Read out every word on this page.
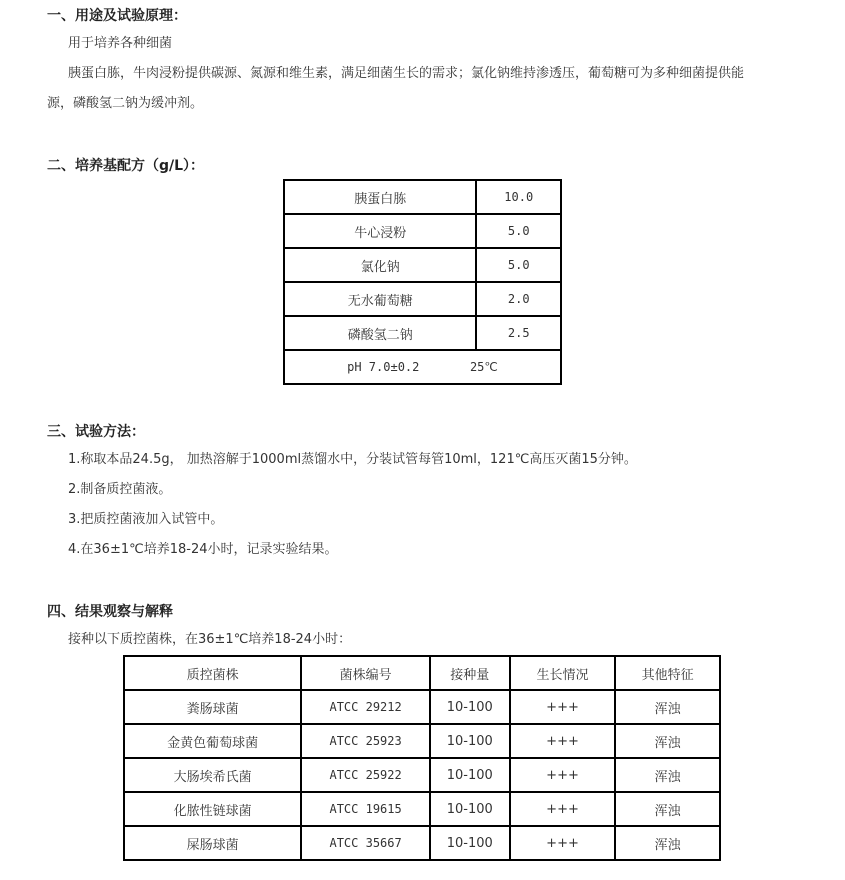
一、用途及试验原理：
用于培养各种细菌
胰蛋白胨，牛肉浸粉提供碳源、氮源和维生素，满足细菌生长的需求；氯化钠维持渗透压，葡萄糖可为多种细菌提供能
源，磷酸氢二钠为缓冲剂。
二、培养基配方（g/L）：
胰蛋白胨	10.0
牛心浸粉	5.0
氯化钠	5.0
无水葡萄糖	2.0
磷酸氢二钠	2.5
pH 7.0±0.2       25℃	
三、试验方法：
1.称取本品24.5g， 加热溶解于1000ml蒸馏水中，分装试管每管10ml，121℃高压灭菌15分钟。
2.制备质控菌液。
3.把质控菌液加入试管中。
4.在36±1℃培养18-24小时，记录实验结果。
四、结果观察与解释
接种以下质控菌株，在36±1℃培养18-24小时：
质控菌株	菌株编号	接种量	生长情况	其他特征
粪肠球菌	ATCC 29212	10-100	+++	浑浊
金黄色葡萄球菌	ATCC 25923	10-100	+++	浑浊
大肠埃希氏菌	ATCC 25922	10-100	+++	浑浊
化脓性链球菌	ATCC 19615	10-100	+++	浑浊
屎肠球菌	ATCC 35667	10-100	+++	浑浊
